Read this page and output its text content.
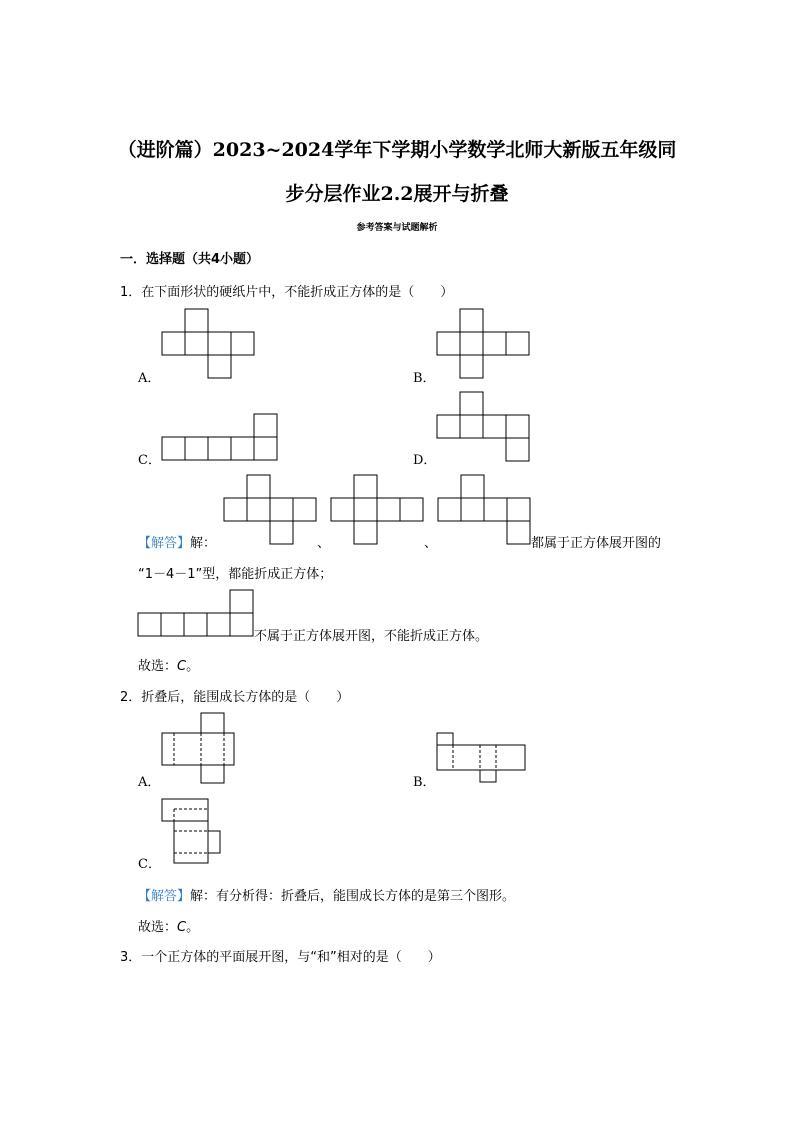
（进阶篇）2023~2024学年下学期小学数学北师大新版五年级同
步分层作业2.2展开与折叠
参考答案与试题解析
一．选择题（共4小题）
1．在下面形状的硬纸片中，不能折成正方体的是（　　）
A．	B．
C．	D．
【解答】解：	、	、	都属于正方体展开图的
“1－4－1”型，都能折成正方体；
不属于正方体展开图，不能折成正方体。
故选：C。
2．折叠后，能围成长方体的是（　　）
A．	B．
C．
【解答】解：有分析得：折叠后，能围成长方体的是第三个图形。
故选：C。
3．一个正方体的平面展开图，与“和”相对的是（　　）
